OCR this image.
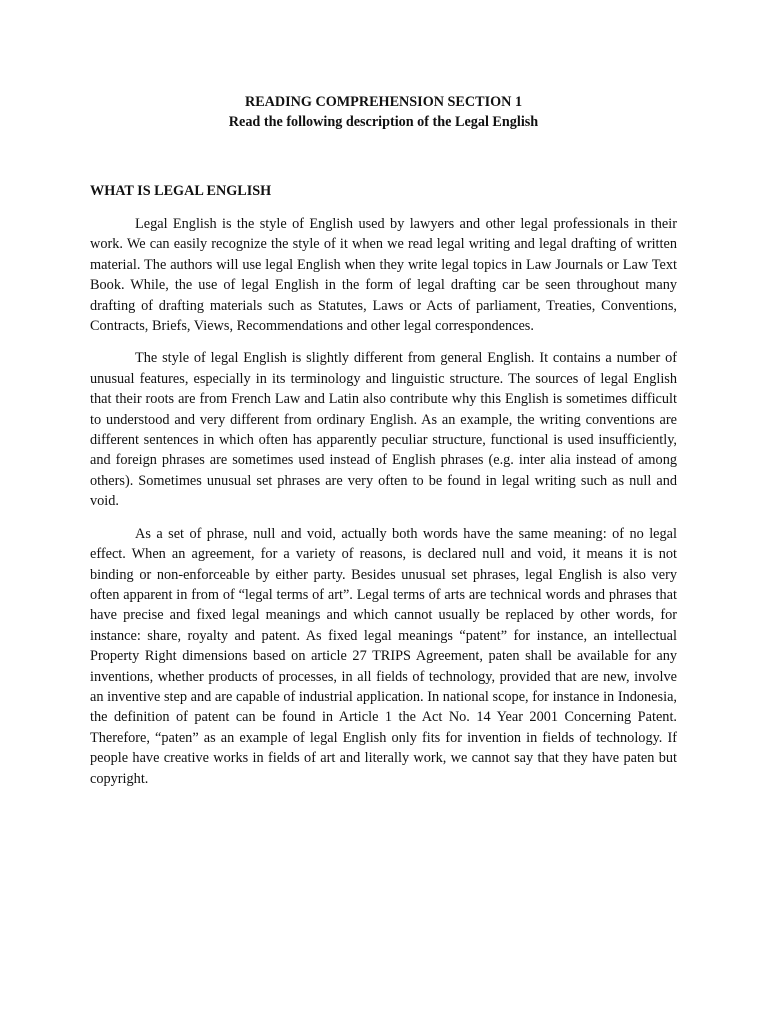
READING COMPREHENSION SECTION 1
Read the following description of the Legal English
WHAT IS LEGAL ENGLISH

Legal English is the style of English used by lawyers and other legal professionals in their work. We can easily recognize the style of it when we read legal writing and legal drafting of written material. The authors will use legal English when they write legal topics in Law Journals or Law Text Book. While, the use of legal English in the form of legal drafting car be seen throughout many drafting of drafting materials such as Statutes, Laws or Acts of parliament, Treaties, Conventions, Contracts, Briefs, Views, Recommendations and other legal correspondences.

The style of legal English is slightly different from general English. It contains a number of unusual features, especially in its terminology and linguistic structure. The sources of legal English that their roots are from French Law and Latin also contribute why this English is sometimes difficult to understood and very different from ordinary English. As an example, the writing conventions are different sentences in which often has apparently peculiar structure, functional is used insufficiently, and foreign phrases are sometimes used instead of English phrases (e.g. inter alia instead of among others). Sometimes unusual set phrases are very often to be found in legal writing such as null and void.

As a set of phrase, null and void, actually both words have the same meaning: of no legal effect. When an agreement, for a variety of reasons, is declared null and void, it means it is not binding or non-enforceable by either party. Besides unusual set phrases, legal English is also very often apparent in from of “legal terms of art”. Legal terms of arts are technical words and phrases that have precise and fixed legal meanings and which cannot usually be replaced by other words, for instance: share, royalty and patent. As fixed legal meanings “patent” for instance, an intellectual Property Right dimensions based on article 27 TRIPS Agreement, paten shall be available for any inventions, whether products of processes, in all fields of technology, provided that are new, involve an inventive step and are capable of industrial application. In national scope, for instance in Indonesia, the definition of patent can be found in Article 1 the Act No. 14 Year 2001 Concerning Patent. Therefore, “paten” as an example of legal English only fits for invention in fields of technology. If people have creative works in fields of art and literally work, we cannot say that they have paten but copyright.
